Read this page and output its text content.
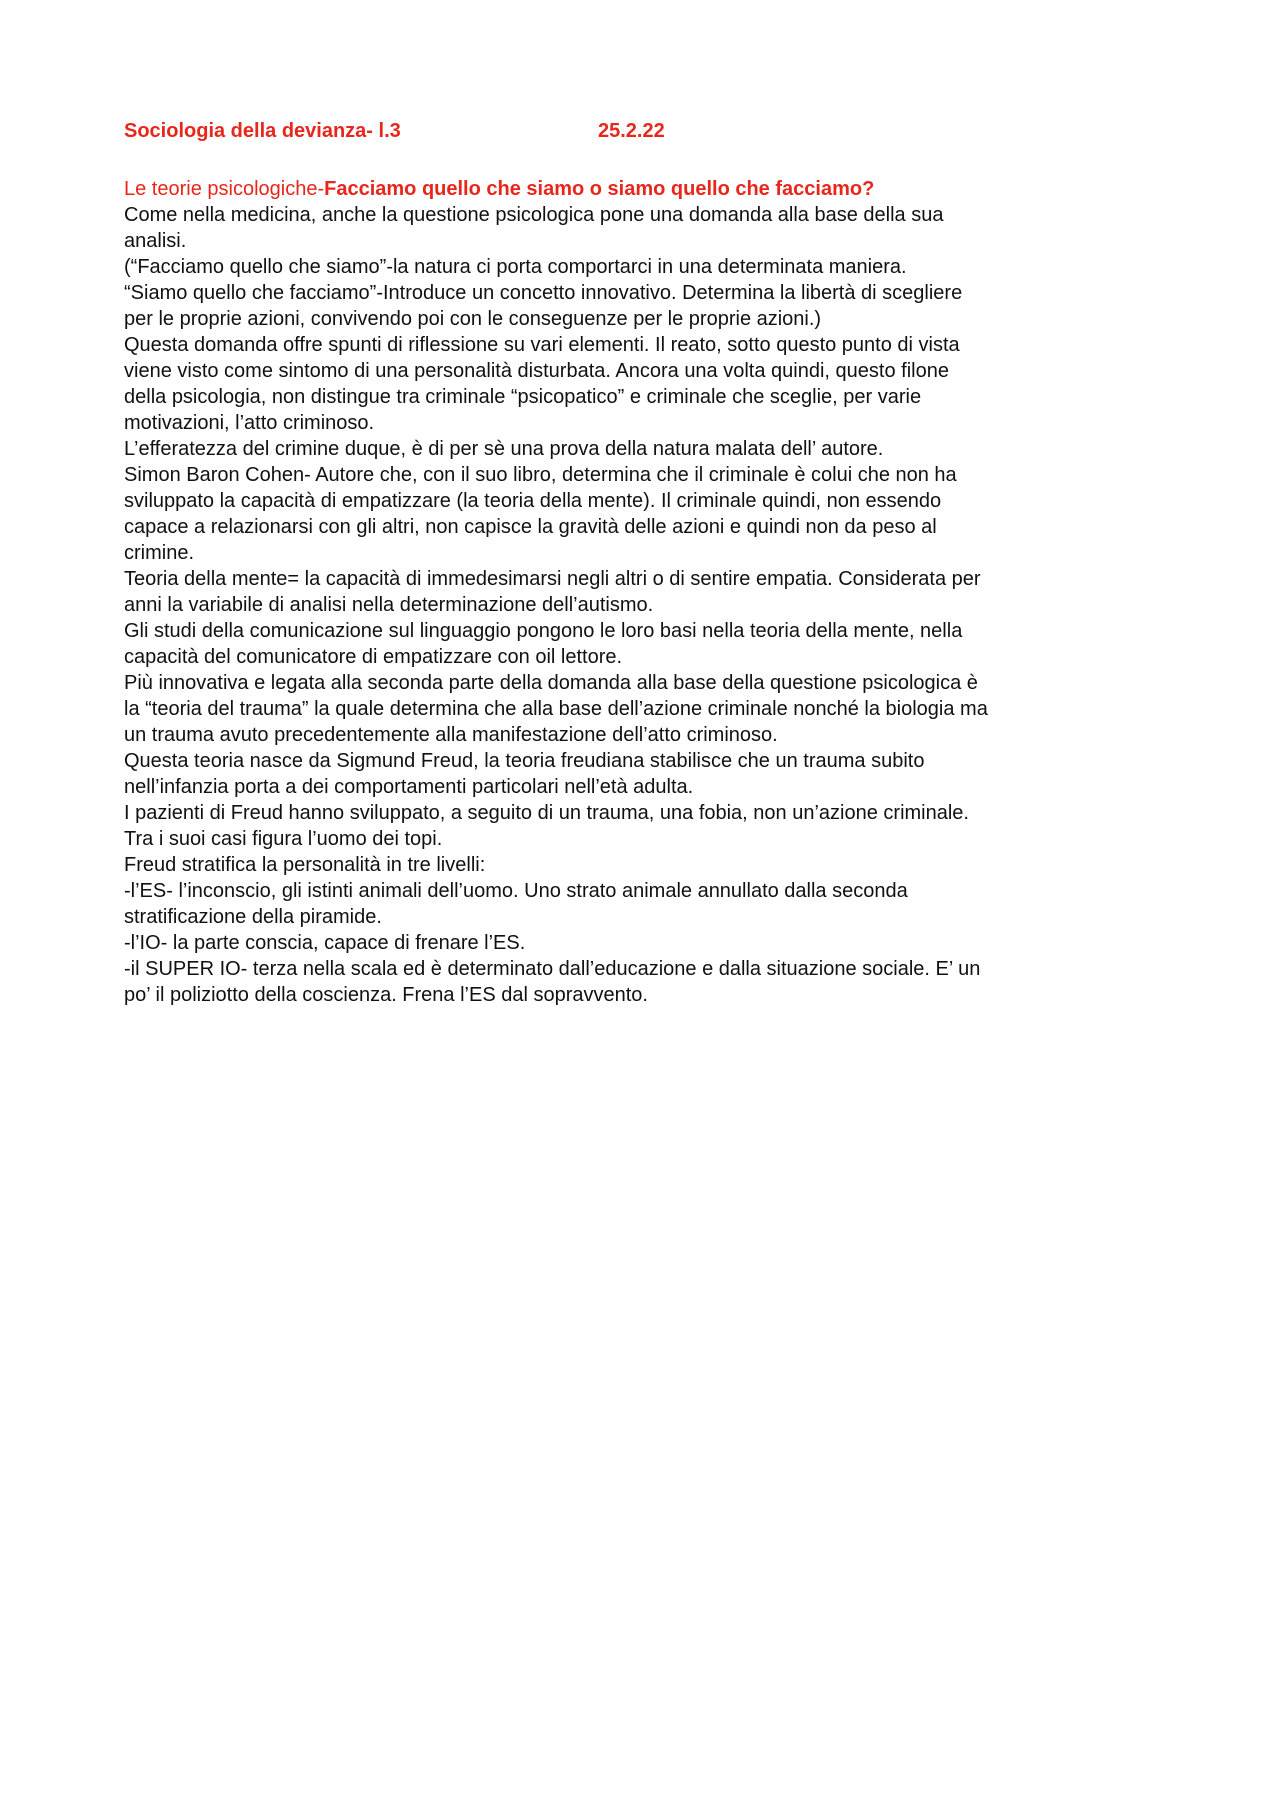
Sociologia della devianza- l.3	25.2.22
Le teorie psicologiche-Facciamo quello che siamo o siamo quello che facciamo?
Come nella medicina, anche la questione psicologica pone una domanda alla base della sua
analisi.
(“Facciamo quello che siamo”-la natura ci porta comportarci in una determinata maniera.
“Siamo quello che facciamo”-Introduce un concetto innovativo. Determina la libertà di scegliere
per le proprie azioni, convivendo poi con le conseguenze per le proprie azioni.)
Questa domanda offre spunti di riflessione su vari elementi. Il reato, sotto questo punto di vista
viene visto come sintomo di una personalità disturbata. Ancora una volta quindi, questo filone
della psicologia, non distingue tra criminale “psicopatico” e criminale che sceglie, per varie
motivazioni, l’atto criminoso.
L’efferatezza del crimine duque, è di per sè una prova della natura malata dell’ autore.
Simon Baron Cohen- Autore che, con il suo libro, determina che il criminale è colui che non ha
sviluppato la capacità di empatizzare (la teoria della mente). Il criminale quindi, non essendo
capace a relazionarsi con gli altri, non capisce la gravità delle azioni e quindi non da peso al
crimine.
Teoria della mente= la capacità di immedesimarsi negli altri o di sentire empatia. Considerata per
anni la variabile di analisi nella determinazione dell’autismo.
Gli studi della comunicazione sul linguaggio pongono le loro basi nella teoria della mente, nella
capacità del comunicatore di empatizzare con oil lettore.
Più innovativa e legata alla seconda parte della domanda alla base della questione psicologica è
la “teoria del trauma” la quale determina che alla base dell’azione criminale nonché la biologia ma
un trauma avuto precedentemente alla manifestazione dell’atto criminoso.
Questa teoria nasce da Sigmund Freud, la teoria freudiana stabilisce che un trauma subito
nell’infanzia porta a dei comportamenti particolari nell’età adulta.
I pazienti di Freud hanno sviluppato, a seguito di un trauma, una fobia, non un’azione criminale.
Tra i suoi casi figura l’uomo dei topi.
Freud stratifica la personalità in tre livelli:
-l’ES- l’inconscio, gli istinti animali dell’uomo. Uno strato animale annullato dalla seconda
stratificazione della piramide.
-l’IO- la parte conscia, capace di frenare l’ES.
-il SUPER IO- terza nella scala ed è determinato dall’educazione e dalla situazione sociale. E’ un
po’ il poliziotto della coscienza. Frena l’ES dal sopravvento.
